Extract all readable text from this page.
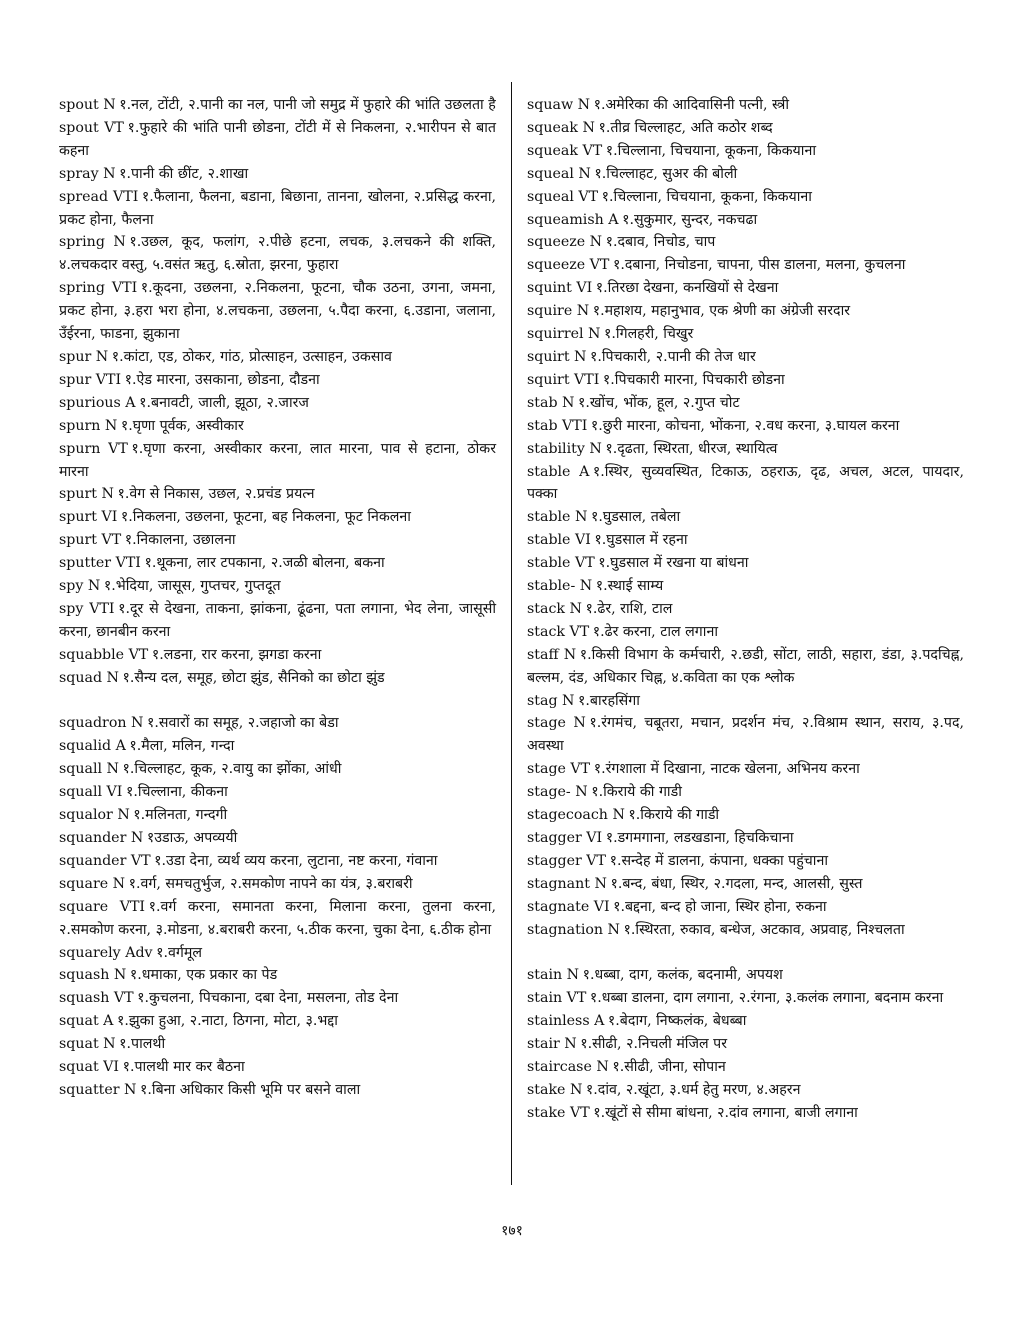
spout N १.नल, टोंटी, २.पानी का नल, पानी जो समुद्र में फुहारे की भांति उछलता है
spout VT १.फुहारे की भांति पानी छोडना, टोंटी में से निकलना, २.भारीपन से बात कहना
spray N १.पानी की छींट, २.शाखा
spread VTI १.फैलाना, फैलना, बडाना, बिछाना, तानना, खोलना, २.प्रसिद्ध करना, प्रकट होना, फैलना
spring N १.उछल, कूद, फलांग, २.पीछे हटना, लचक, ३.लचकने की शक्ति, ४.लचकदार वस्तु, ५.वसंत ऋतु, ६.स्रोता, झरना, फुहारा
spring VTI १.कूदना, उछलना, २.निकलना, फूटना, चौक उठना, उगना, जमना, प्रकट होना, ३.हरा भरा होना, ४.लचकना, उछलना, ५.पैदा करना, ६.उडाना, जलाना, उँईरना, फाडना, झुकाना
spur N १.कांटा, एड, ठोकर, गांठ, प्रोत्साहन, उत्साहन, उकसाव
spur VTI १.ऐड मारना, उसकाना, छोडना, दौडना
spurious A १.बनावटी, जाली, झूठा, २.जारज
spurn N १.घृणा पूर्वक, अस्वीकार
spurn VT १.घृणा करना, अस्वीकार करना, लात मारना, पाव से हटाना, ठोकर मारना
spurt N १.वेग से निकास, उछल, २.प्रचंड प्रयत्न
spurt VI १.निकलना, उछलना, फूटना, बह निकलना, फूट निकलना
spurt VT १.निकालना, उछालना
sputter VTI १.थूकना, लार टपकाना, २.जळी बोलना, बकना
spy N १.भेदिया, जासूस, गुप्तचर, गुप्तदूत
spy VTI १.दूर से देखना, ताकना, झांकना, ढूंढना, पता लगाना, भेद लेना, जासूसी करना, छानबीन करना
squabble VT १.लडना, रार करना, झगडा करना
squad N १.सैन्य दल, समूह, छोटा झुंड, सैनिको का छोटा झुंड
squadron N १.सवारों का समूह, २.जहाजो का बेडा
squalid A १.मैला, मलिन, गन्दा
squall N १.चिल्लाहट, कूक, २.वायु का झोंका, आंधी
squall VI १.चिल्लाना, कीकना
squalor N १.मलिनता, गन्दगी
squander N १उडाऊ, अपव्ययी
squander VT १.उडा देना, व्यर्थ व्यय करना, लुटाना, नष्ट करना, गंवाना
square N १.वर्ग, समचतुर्भुज, २.समकोण नापने का यंत्र, ३.बराबरी
square VTI १.वर्ग करना, समानता करना, मिलाना करना, तुलना करना, २.समकोण करना, ३.मोडना, ४.बराबरी करना, ५.ठीक करना, चुका देना, ६.ठीक होना
squarely Adv १.वर्गमूल
squash N १.धमाका, एक प्रकार का पेड
squash VT १.कुचलना, पिचकाना, दबा देना, मसलना, तोड देना
squat A १.झुका हुआ, २.नाटा, ठिगना, मोटा, ३.भद्दा
squat N १.पालथी
squat VI १.पालथी मार कर बैठना
squatter N १.बिना अधिकार किसी भूमि पर बसने वाला
squaw N १.अमेरिका की आदिवासिनी पत्नी, स्त्री
squeak N १.तीव्र चिल्लाहट, अति कठोर शब्द
squeak VT १.चिल्लाना, चिचयाना, कूकना, किकयाना
squeal N १.चिल्लाहट, सुअर की बोली
squeal VT १.चिल्लाना, चिचयाना, कूकना, किकयाना
squeamish A १.सुकुमार, सुन्दर, नकचढा
squeeze N १.दबाव, निचोड, चाप
squeeze VT १.दबाना, निचोडना, चापना, पीस डालना, मलना, कुचलना
squint VI १.तिरछा देखना, कनखियों से देखना
squire N १.महाशय, महानुभाव, एक श्रेणी का अंग्रेजी सरदार
squirrel N १.गिलहरी, चिखुर
squirt N १.पिचकारी, २.पानी की तेज धार
squirt VTI १.पिचकारी मारना, पिचकारी छोडना
stab N १.खोंच, भोंक, हूल, २.गुप्त चोट
stab VTI १.छुरी मारना, कोचना, भोंकना, २.वध करना, ३.घायल करना
stability N १.दृढता, स्थिरता, धीरज, स्थायित्व
stable A १.स्थिर, सुव्यवस्थित, टिकाऊ, ठहराऊ, दृढ, अचल, अटल, पायदार, पक्का
stable N १.घुडसाल, तबेला
stable VI १.घुडसाल में रहना
stable VT १.घुडसाल में रखना या बांधना
stable- N १.स्थाई साम्य
stack N १.ढेर, राशि, टाल
stack VT १.ढेर करना, टाल लगाना
staff N १.किसी विभाग के कर्मचारी, २.छडी, सोंटा, लाठी, सहारा, डंडा, ३.पदचिह्न, बल्लम, दंड, अधिकार चिह्न, ४.कविता का एक श्लोक
stag N १.बारहसिंगा
stage N १.रंगमंच, चबूतरा, मचान, प्रदर्शन मंच, २.विश्राम स्थान, सराय, ३.पद, अवस्था
stage VT १.रंगशाला में दिखाना, नाटक खेलना, अभिनय करना
stage- N १.किराये की गाडी
stagecoach N १.किराये की गाडी
stagger VI १.डगमगाना, लडखडाना, हिचकिचाना
stagger VT १.सन्देह में डालना, कंपाना, धक्का पहुंचाना
stagnant N १.बन्द, बंधा, स्थिर, २.गदला, मन्द, आलसी, सुस्त
stagnate VI १.बद्दना, बन्द हो जाना, स्थिर होना, रुकना
stagnation N १.स्थिरता, रुकाव, बन्धेज, अटकाव, अप्रवाह, निश्चलता
stain N १.धब्बा, दाग, कलंक, बदनामी, अपयश
stain VT १.धब्बा डालना, दाग लगाना, २.रंगना, ३.कलंक लगाना, बदनाम करना
stainless A १.बेदाग, निष्कलंक, बेधब्बा
stair N १.सीढी, २.निचली मंजिल पर
staircase N १.सीढी, जीना, सोपान
stake N १.दांव, २.खूंटा, ३.धर्म हेतु मरण, ४.अहरन
stake VT १.खूंटों से सीमा बांधना, २.दांव लगाना, बाजी लगाना
१७१
